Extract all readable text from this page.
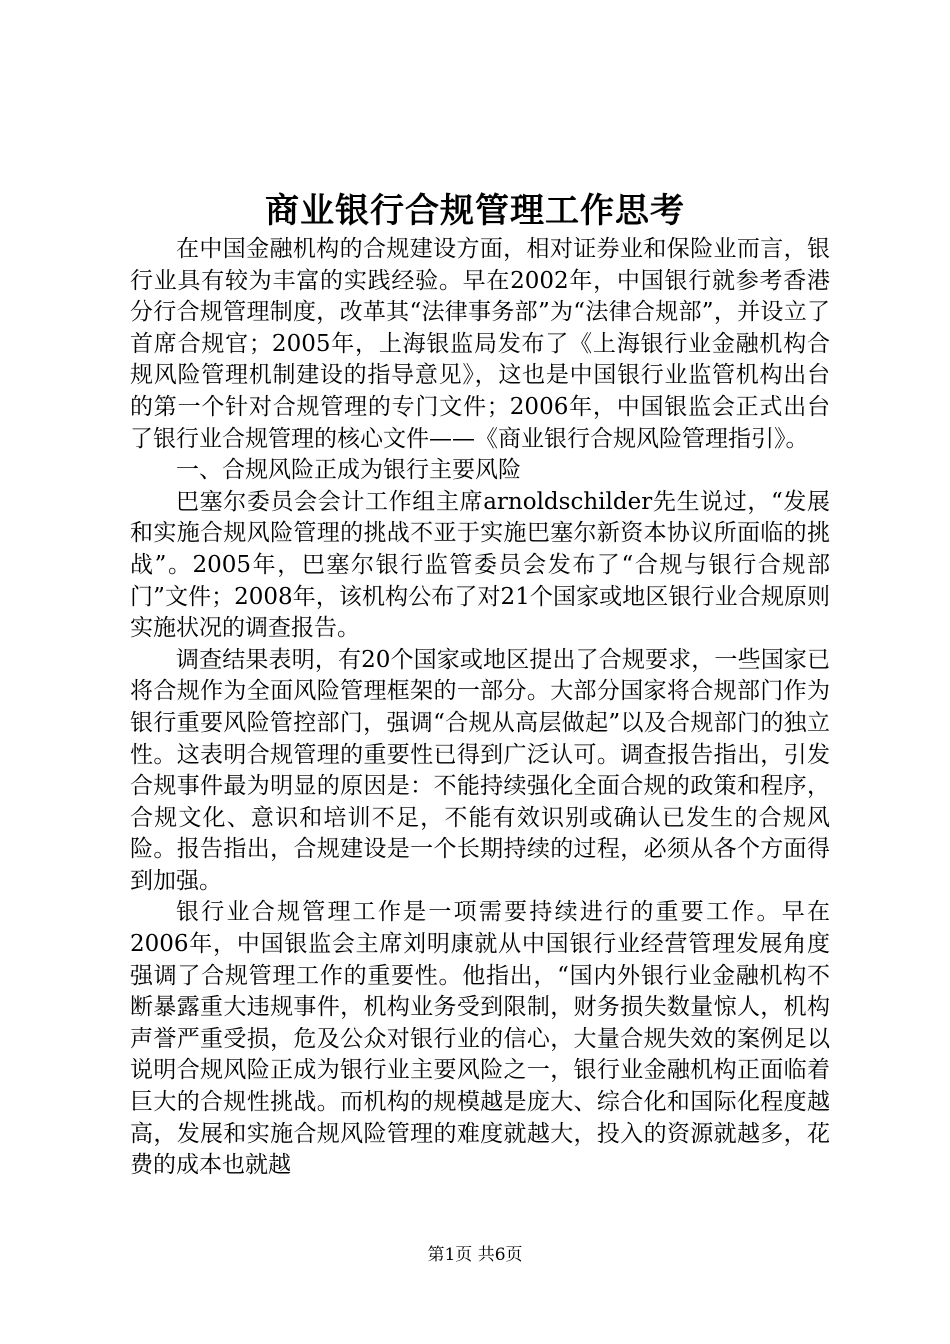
商业银行合规管理工作思考

在中国金融机构的合规建设方面，相对证券业和保险业而言，银行业具有较为丰富的实践经验。早在2002年，中国银行就参考香港分行合规管理制度，改革其“法律事务部”为“法律合规部”，并设立了首席合规官；2005年，上海银监局发布了《上海银行业金融机构合规风险管理机制建设的指导意见》，这也是中国银行业监管机构出台的第一个针对合规管理的专门文件；2006年，中国银监会正式出台了银行业合规管理的核心文件——《商业银行合规风险管理指引》。

一、合规风险正成为银行主要风险

巴塞尔委员会会计工作组主席arnoldschilder先生说过，“发展和实施合规风险管理的挑战不亚于实施巴塞尔新资本协议所面临的挑战”。2005年，巴塞尔银行监管委员会发布了“合规与银行合规部门”文件；2008年，该机构公布了对21个国家或地区银行业合规原则实施状况的调查报告。

调查结果表明，有20个国家或地区提出了合规要求，一些国家已将合规作为全面风险管理框架的一部分。大部分国家将合规部门作为银行重要风险管控部门，强调“合规从高层做起”以及合规部门的独立性。这表明合规管理的重要性已得到广泛认可。调查报告指出，引发合规事件最为明显的原因是：不能持续强化全面合规的政策和程序，合规文化、意识和培训不足，不能有效识别或确认已发生的合规风险。报告指出，合规建设是一个长期持续的过程，必须从各个方面得到加强。

银行业合规管理工作是一项需要持续进行的重要工作。早在2006年，中国银监会主席刘明康就从中国银行业经营管理发展角度强调了合规管理工作的重要性。他指出，“国内外银行业金融机构不断暴露重大违规事件，机构业务受到限制，财务损失数量惊人，机构声誉严重受损，危及公众对银行业的信心，大量合规失效的案例足以说明合规风险正成为银行业主要风险之一，银行业金融机构正面临着巨大的合规性挑战。而机构的规模越是庞大、综合化和国际化程度越高，发展和实施合规风险管理的难度就越大，投入的资源就越多，花费的成本也就越

第1页 共6页
